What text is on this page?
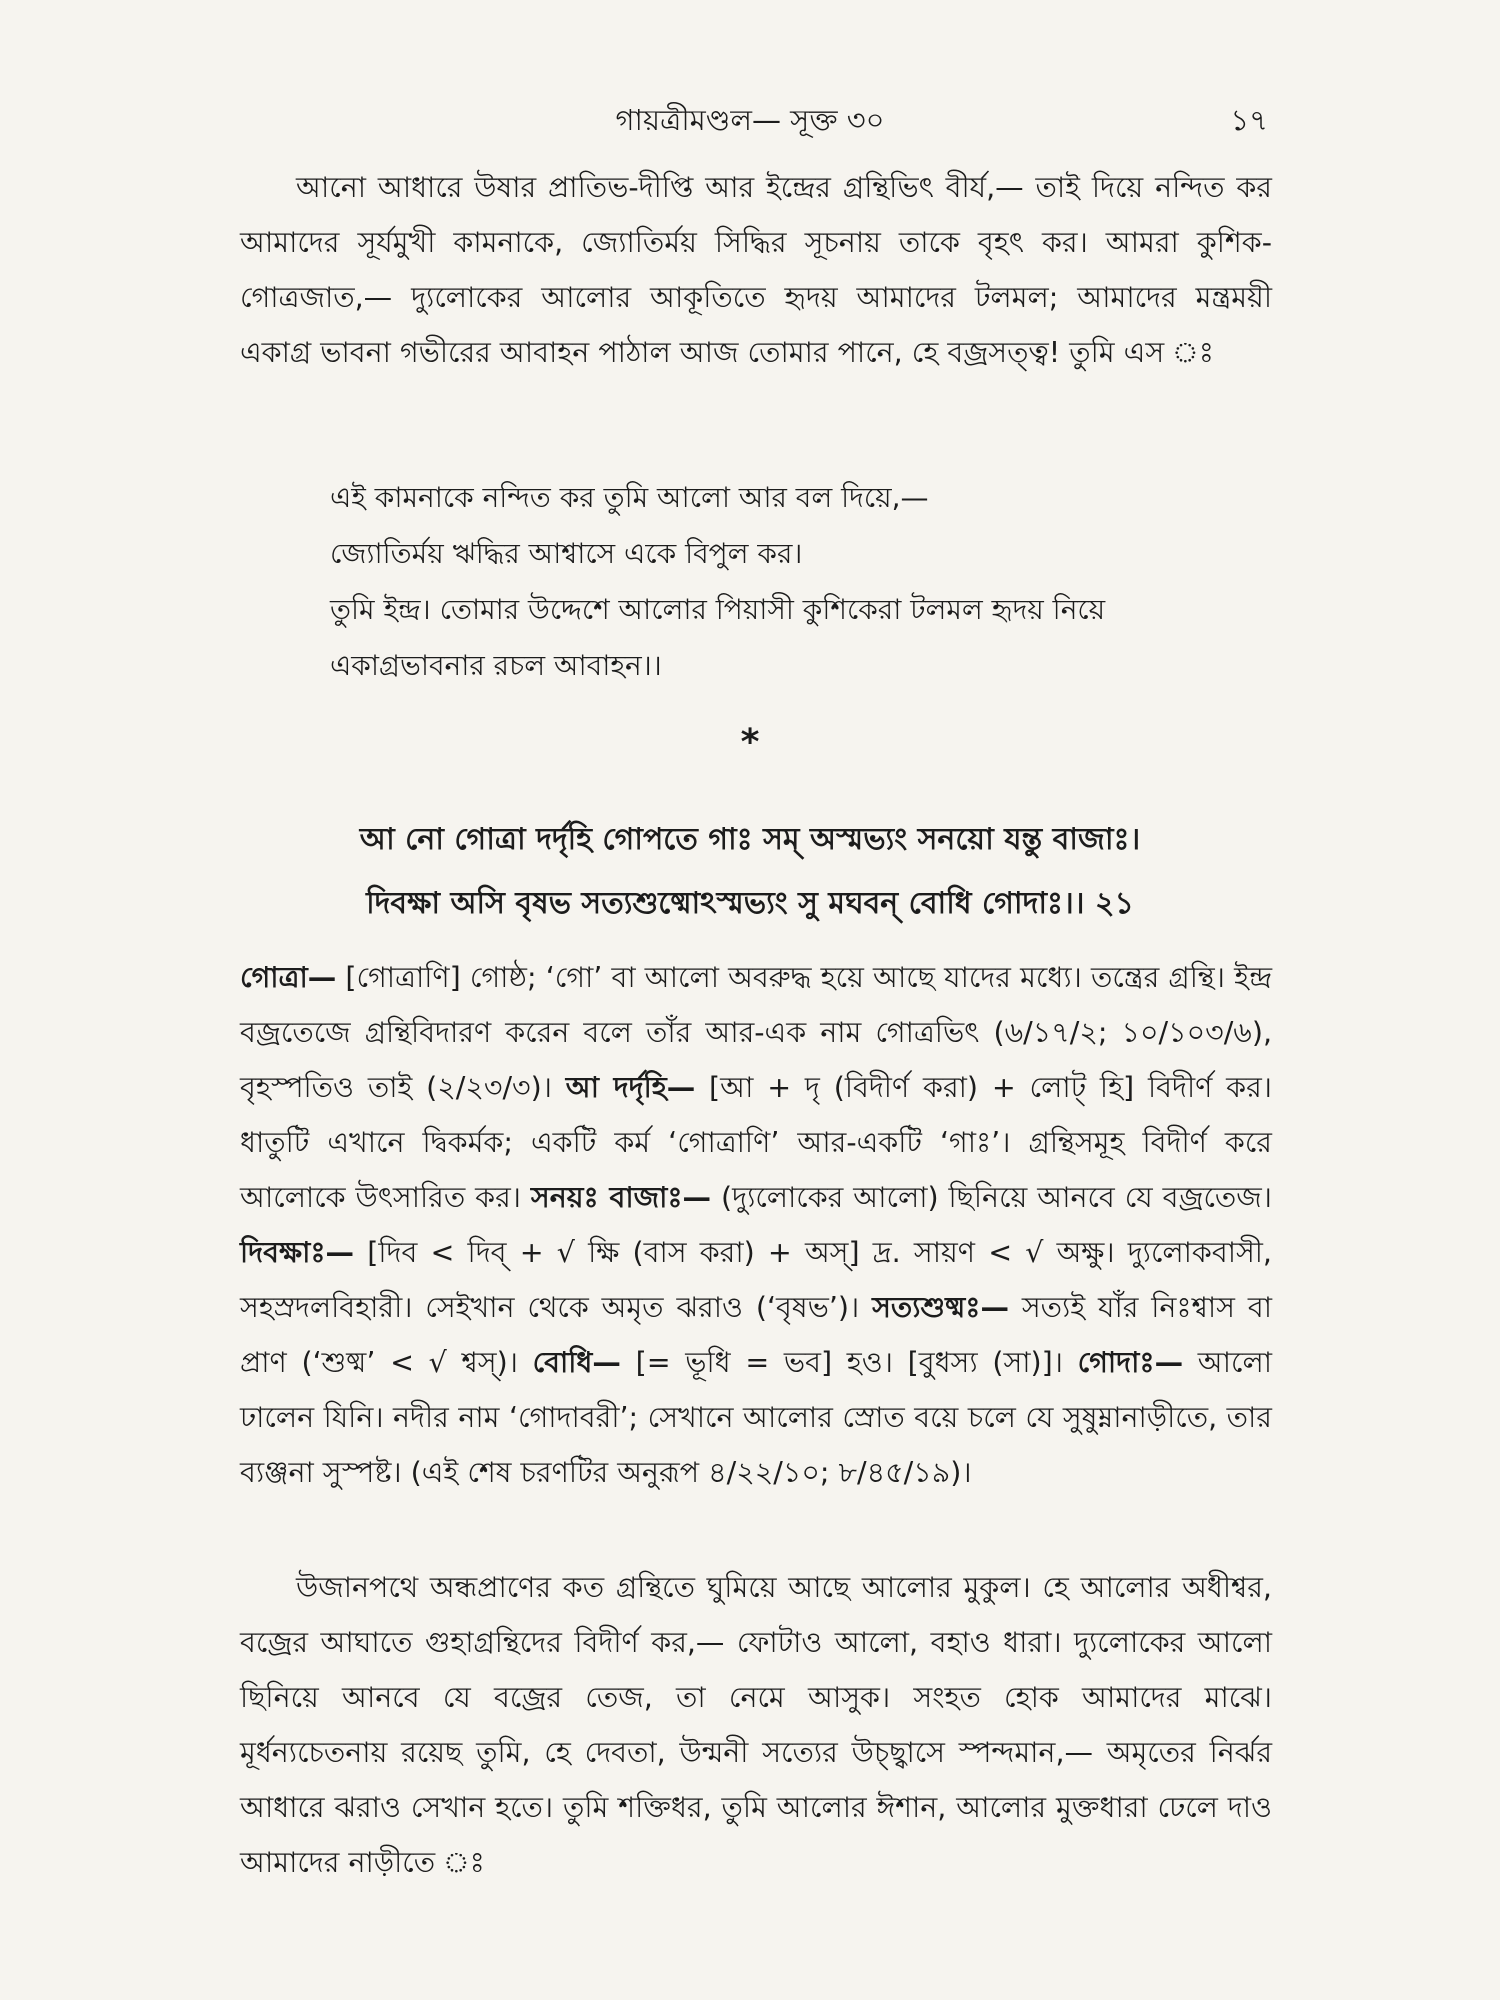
গায়ত্রীমণ্ডল— সূক্ত ৩০	১৭

আনো আধারে উষার প্রাতিভ-দীপ্তি আর ইন্দ্রের গ্রন্থিভিৎ বীর্য,— তাই দিয়ে নন্দিত কর আমাদের সূর্যমুখী কামনাকে, জ্যোতির্ময় সিদ্ধির সূচনায় তাকে বৃহৎ কর। আমরা কুশিক-গোত্রজাত,— দ্যুলোকের আলোর আকূতিতে হৃদয় আমাদের টলমল; আমাদের মন্ত্রময়ী একাগ্র ভাবনা গভীরের আবাহন পাঠাল আজ তোমার পানে, হে বজ্রসত্ত্ব! তুমি এস ঃ

এই কামনাকে নন্দিত কর তুমি আলো আর বল দিয়ে,—
জ্যোতির্ময় ঋদ্ধির আশ্বাসে একে বিপুল কর।
তুমি ইন্দ্র। তোমার উদ্দেশে আলোর পিয়াসী কুশিকেরা টলমল হৃদয় নিয়ে
একাগ্রভাবনার রচল আবাহন।।
*
আ নো গোত্রা দর্দৃহি গোপতে গাঃ সম্ অস্মভ্যং সনয়ো যন্তু বাজাঃ।
দিবক্ষা অসি বৃষভ সত্যশুষ্মোঽস্মভ্যং সু মঘবন্ বোধি গোদাঃ।। ২১

গোত্রা— [গোত্রাণি] গোষ্ঠ; ‘গো’ বা আলো অবরুদ্ধ হয়ে আছে যাদের মধ্যে। তন্ত্রের গ্রন্থি। ইন্দ্র বজ্রতেজে গ্রন্থিবিদারণ করেন বলে তাঁর আর-এক নাম গোত্রভিৎ (৬/১৭/২; ১০/১০৩/৬), বৃহস্পতিও তাই (২/২৩/৩)। আ দর্দৃহি— [আ + দৃ (বিদীর্ণ করা) + লোট্ হি] বিদীর্ণ কর। ধাতুটি এখানে দ্বিকর্মক; একটি কর্ম ‘গোত্রাণি’ আর-একটি ‘গাঃ’। গ্রন্থিসমূহ বিদীর্ণ করে আলোকে উৎসারিত কর। সনয়ঃ বাজাঃ— (দ্যুলোকের আলো) ছিনিয়ে আনবে যে বজ্রতেজ। দিবক্ষাঃ— [দিব < দিব্ + √ ক্ষি (বাস করা) + অস্] দ্র. সায়ণ < √ অক্ষু। দ্যুলোকবাসী, সহস্রদলবিহারী। সেইখান থেকে অমৃত ঝরাও (‘বৃষভ’)। সত্যশুষ্মঃ— সত্যই যাঁর নিঃশ্বাস বা প্রাণ (‘শুষ্ম’ < √ শ্বস্)। বোধি— [= ভূধি = ভব] হও। [বুধস্য (সা)]। গোদাঃ— আলো ঢালেন যিনি। নদীর নাম ‘গোদাবরী’; সেখানে আলোর স্রোত বয়ে চলে যে সুষুম্নানাড়ীতে, তার ব্যঞ্জনা সুস্পষ্ট। (এই শেষ চরণটির অনুরূপ ৪/২২/১০; ৮/৪৫/১৯)।

উজানপথে অন্ধপ্রাণের কত গ্রন্থিতে ঘুমিয়ে আছে আলোর মুকুল। হে আলোর অধীশ্বর, বজ্রের আঘাতে গুহাগ্রন্থিদের বিদীর্ণ কর,— ফোটাও আলো, বহাও ধারা। দ্যুলোকের আলো ছিনিয়ে আনবে যে বজ্রের তেজ, তা নেমে আসুক। সংহত হোক আমাদের মাঝে। মূর্ধন্যচেতনায় রয়েছ তুমি, হে দেবতা, উন্মনী সত্যের উচ্ছ্বাসে স্পন্দমান,— অমৃতের নির্ঝর আধারে ঝরাও সেখান হতে। তুমি শক্তিধর, তুমি আলোর ঈশান, আলোর মুক্তধারা ঢেলে দাও আমাদের নাড়ীতে ঃ
